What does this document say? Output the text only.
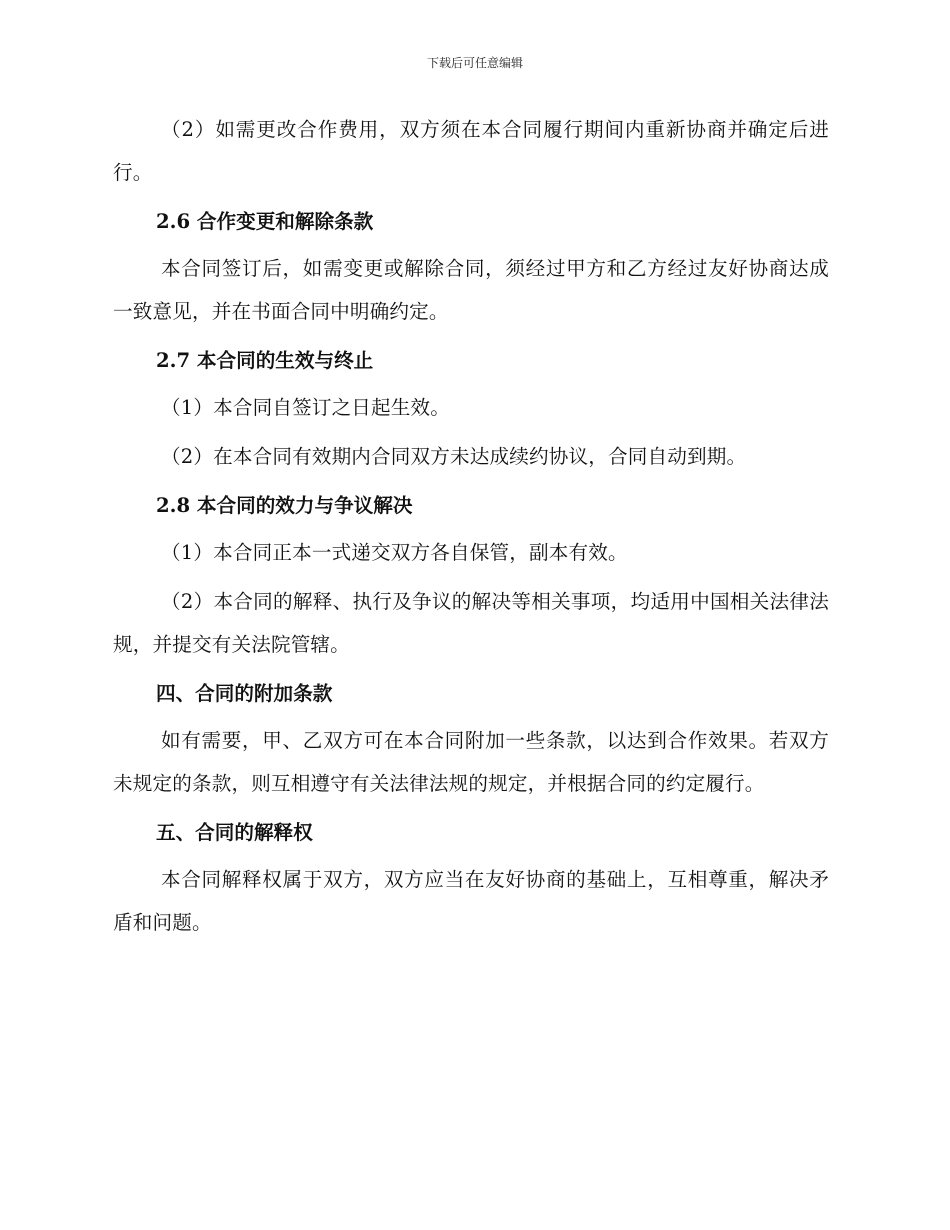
下载后可任意编辑

（2）如需更改合作费用，双方须在本合同履行期间内重新协商并确定后进行。

2.6 合作变更和解除条款

本合同签订后，如需变更或解除合同，须经过甲方和乙方经过友好协商达成一致意见，并在书面合同中明确约定。

2.7 本合同的生效与终止

（1）本合同自签订之日起生效。

（2）在本合同有效期内合同双方未达成续约协议，合同自动到期。

2.8 本合同的效力与争议解决

（1）本合同正本一式递交双方各自保管，副本有效。

（2）本合同的解释、执行及争议的解决等相关事项，均适用中国相关法律法规，并提交有关法院管辖。

四、合同的附加条款

如有需要，甲、乙双方可在本合同附加一些条款，以达到合作效果。若双方未规定的条款，则互相遵守有关法律法规的规定，并根据合同的约定履行。

五、合同的解释权

本合同解释权属于双方，双方应当在友好协商的基础上，互相尊重，解决矛盾和问题。
